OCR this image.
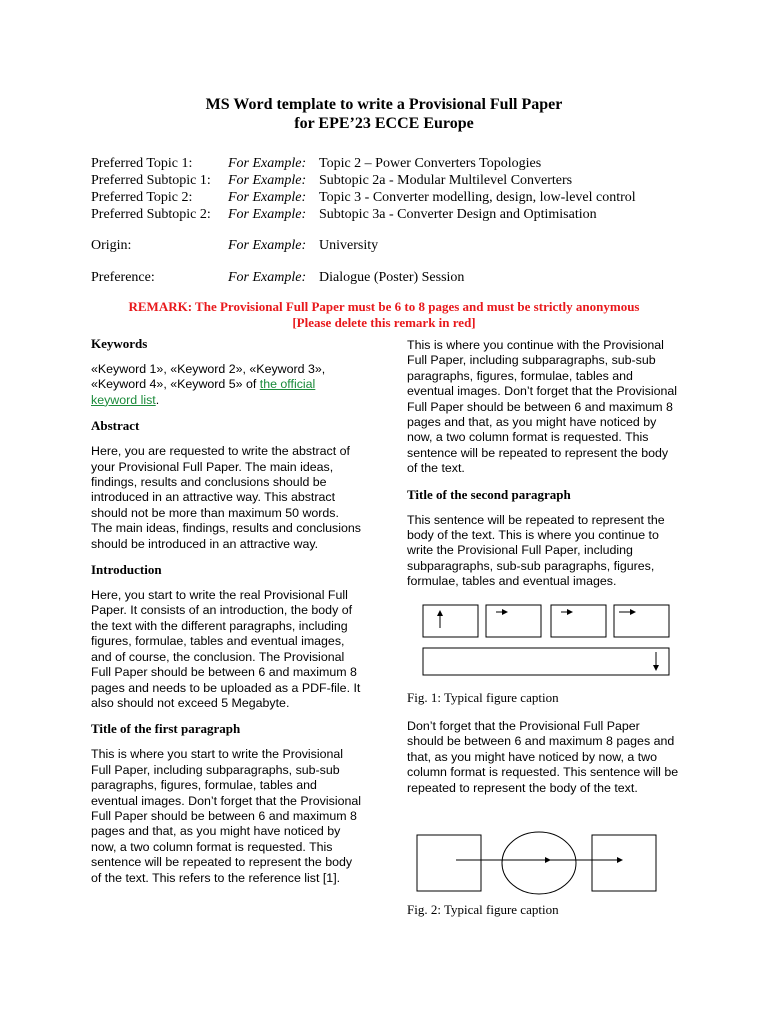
MS Word template to write a Provisional Full Paper
for EPE’23 ECCE Europe
Preferred Topic 1:	For Example: Topic 2 – Power Converters Topologies
Preferred Subtopic 1: For Example: Subtopic 2a - Modular Multilevel Converters
Preferred Topic 2:	For Example: Topic 3 - Converter modelling, design, low-level control
Preferred Subtopic 2: For Example: Subtopic 3a - Converter Design and Optimisation
Origin:	For Example: University
Preference:	For Example: Dialogue (Poster) Session
REMARK: The Provisional Full Paper must be 6 to 8 pages and must be strictly anonymous
[Please delete this remark in red]
Keywords

«Keyword 1», «Keyword 2», «Keyword 3», «Keyword 4», «Keyword 5» of the official keyword list.

Abstract

Here, you are requested to write the abstract of your Provisional Full Paper. The main ideas, findings, results and conclusions should be introduced in an attractive way. This abstract should not be more than maximum 50 words. The main ideas, findings, results and conclusions should be introduced in an attractive way.

Introduction

Here, you start to write the real Provisional Full Paper. It consists of an introduction, the body of the text with the different paragraphs, including figures, formulae, tables and eventual images, and of course, the conclusion. The Provisional Full Paper should be between 6 and maximum 8 pages and needs to be uploaded as a PDF-file. It also should not exceed 5 Megabyte.

Title of the first paragraph

This is where you start to write the Provisional Full Paper, including subparagraphs, sub-sub paragraphs, figures, formulae, tables and eventual images. Don’t forget that the Provisional Full Paper should be between 6 and maximum 8 pages and that, as you might have noticed by now, a two column format is requested. This sentence will be repeated to represent the body of the text. This refers to the reference list [1].

This is where you continue with the Provisional Full Paper, including subparagraphs, sub-sub paragraphs, figures, formulae, tables and eventual images. Don’t forget that the Provisional Full Paper should be between 6 and maximum 8 pages and that, as you might have noticed by now, a two column format is requested. This sentence will be repeated to represent the body of the text.

Title of the second paragraph

This sentence will be repeated to represent the body of the text. This is where you continue to write the Provisional Full Paper, including subparagraphs, sub-sub paragraphs, figures, formulae, tables and eventual images.

Fig. 1: Typical figure caption

Don’t forget that the Provisional Full Paper should be between 6 and maximum 8 pages and that, as you might have noticed by now, a two column format is requested. This sentence will be repeated to represent the body of the text.

Fig. 2: Typical figure caption
